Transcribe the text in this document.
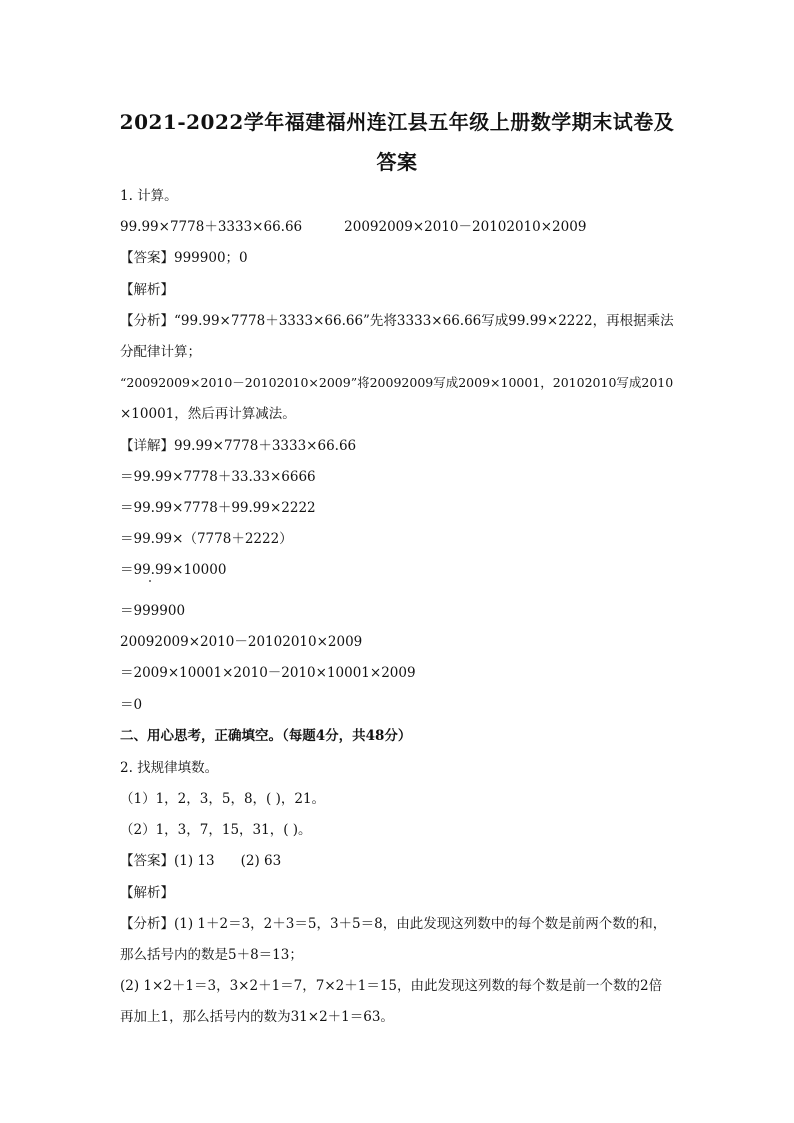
2021-2022学年福建福州连江县五年级上册数学期末试卷及
答案
1. 计算。
99.99×7778＋3333×66.66	20092009×2010－20102010×2009
【答案】999900；0
【解析】
【分析】“99.99×7778＋3333×66.66”先将3333×66.66写成99.99×2222，再根据乘法
分配律计算；
“20092009×2010－20102010×2009”将20092009写成2009×10001，20102010写成2010
×10001，然后再计算减法。
【详解】99.99×7778＋3333×66.66
＝99.99×7778＋33.33×6666
＝99.99×7778＋99.99×2222
＝99.99×（7778＋2222）
＝99.99×10000
＝999900
20092009×2010－20102010×2009
＝2009×10001×2010－2010×10001×2009
＝0
二、用心思考，正确填空。（每题4分，共48分）
2. 找规律填数。
（1）1，2，3，5，8，( )，21。
（2）1，3，7，15，31，( )。
【答案】(1) 13 (2) 63
【解析】
【分析】(1) 1＋2＝3，2＋3＝5，3＋5＝8，由此发现这列数中的每个数是前两个数的和，
那么括号内的数是5＋8＝13；
(2) 1×2＋1＝3，3×2＋1＝7，7×2＋1＝15，由此发现这列数的每个数是前一个数的2倍
再加上1，那么括号内的数为31×2＋1＝63。
